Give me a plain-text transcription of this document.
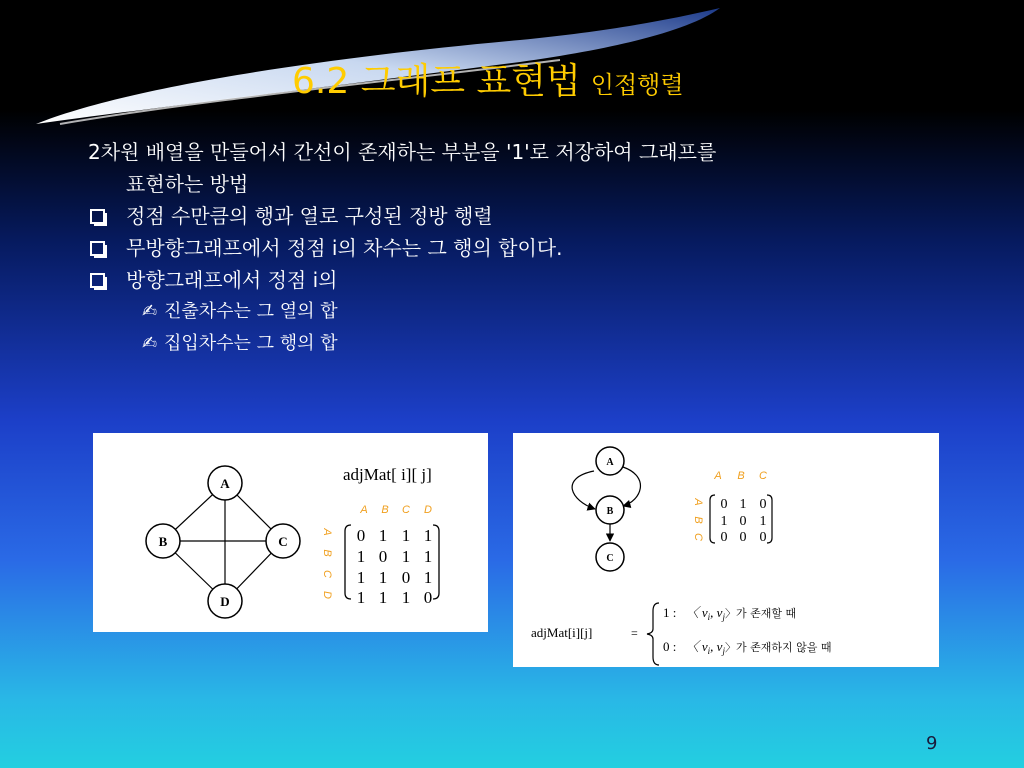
6.2 그래프 표현법 인접행렬
2차원 배열을 만들어서 간선이 존재하는 부분을 '1'로 저장하여 그래프를
표현하는 방법
정점 수만큼의 행과 열로 구성된 정방 행렬
무방향그래프에서 정점 i의 차수는 그 행의 합이다.
방향그래프에서 정점 i의
✍ 진출차수는 그 열의 합
✍ 집입차수는 그 행의 합
A
B	C
D
adjMat[ i][ j]
A B C D
A
B
C
D
0 1 1 1
1 0 1 1
1 1 0 1
1 1 1 0
A
B
C
A B C
A
B
C
0 1 0
1 0 1
0 0 0
adjMat[i][j]	=
1 : 〈 $v_i$, $v_j^{〉가 존재할 때}$
0 : 〈 $v_i$, $v_j^{〉가 존재하지 않을 때}$
9
